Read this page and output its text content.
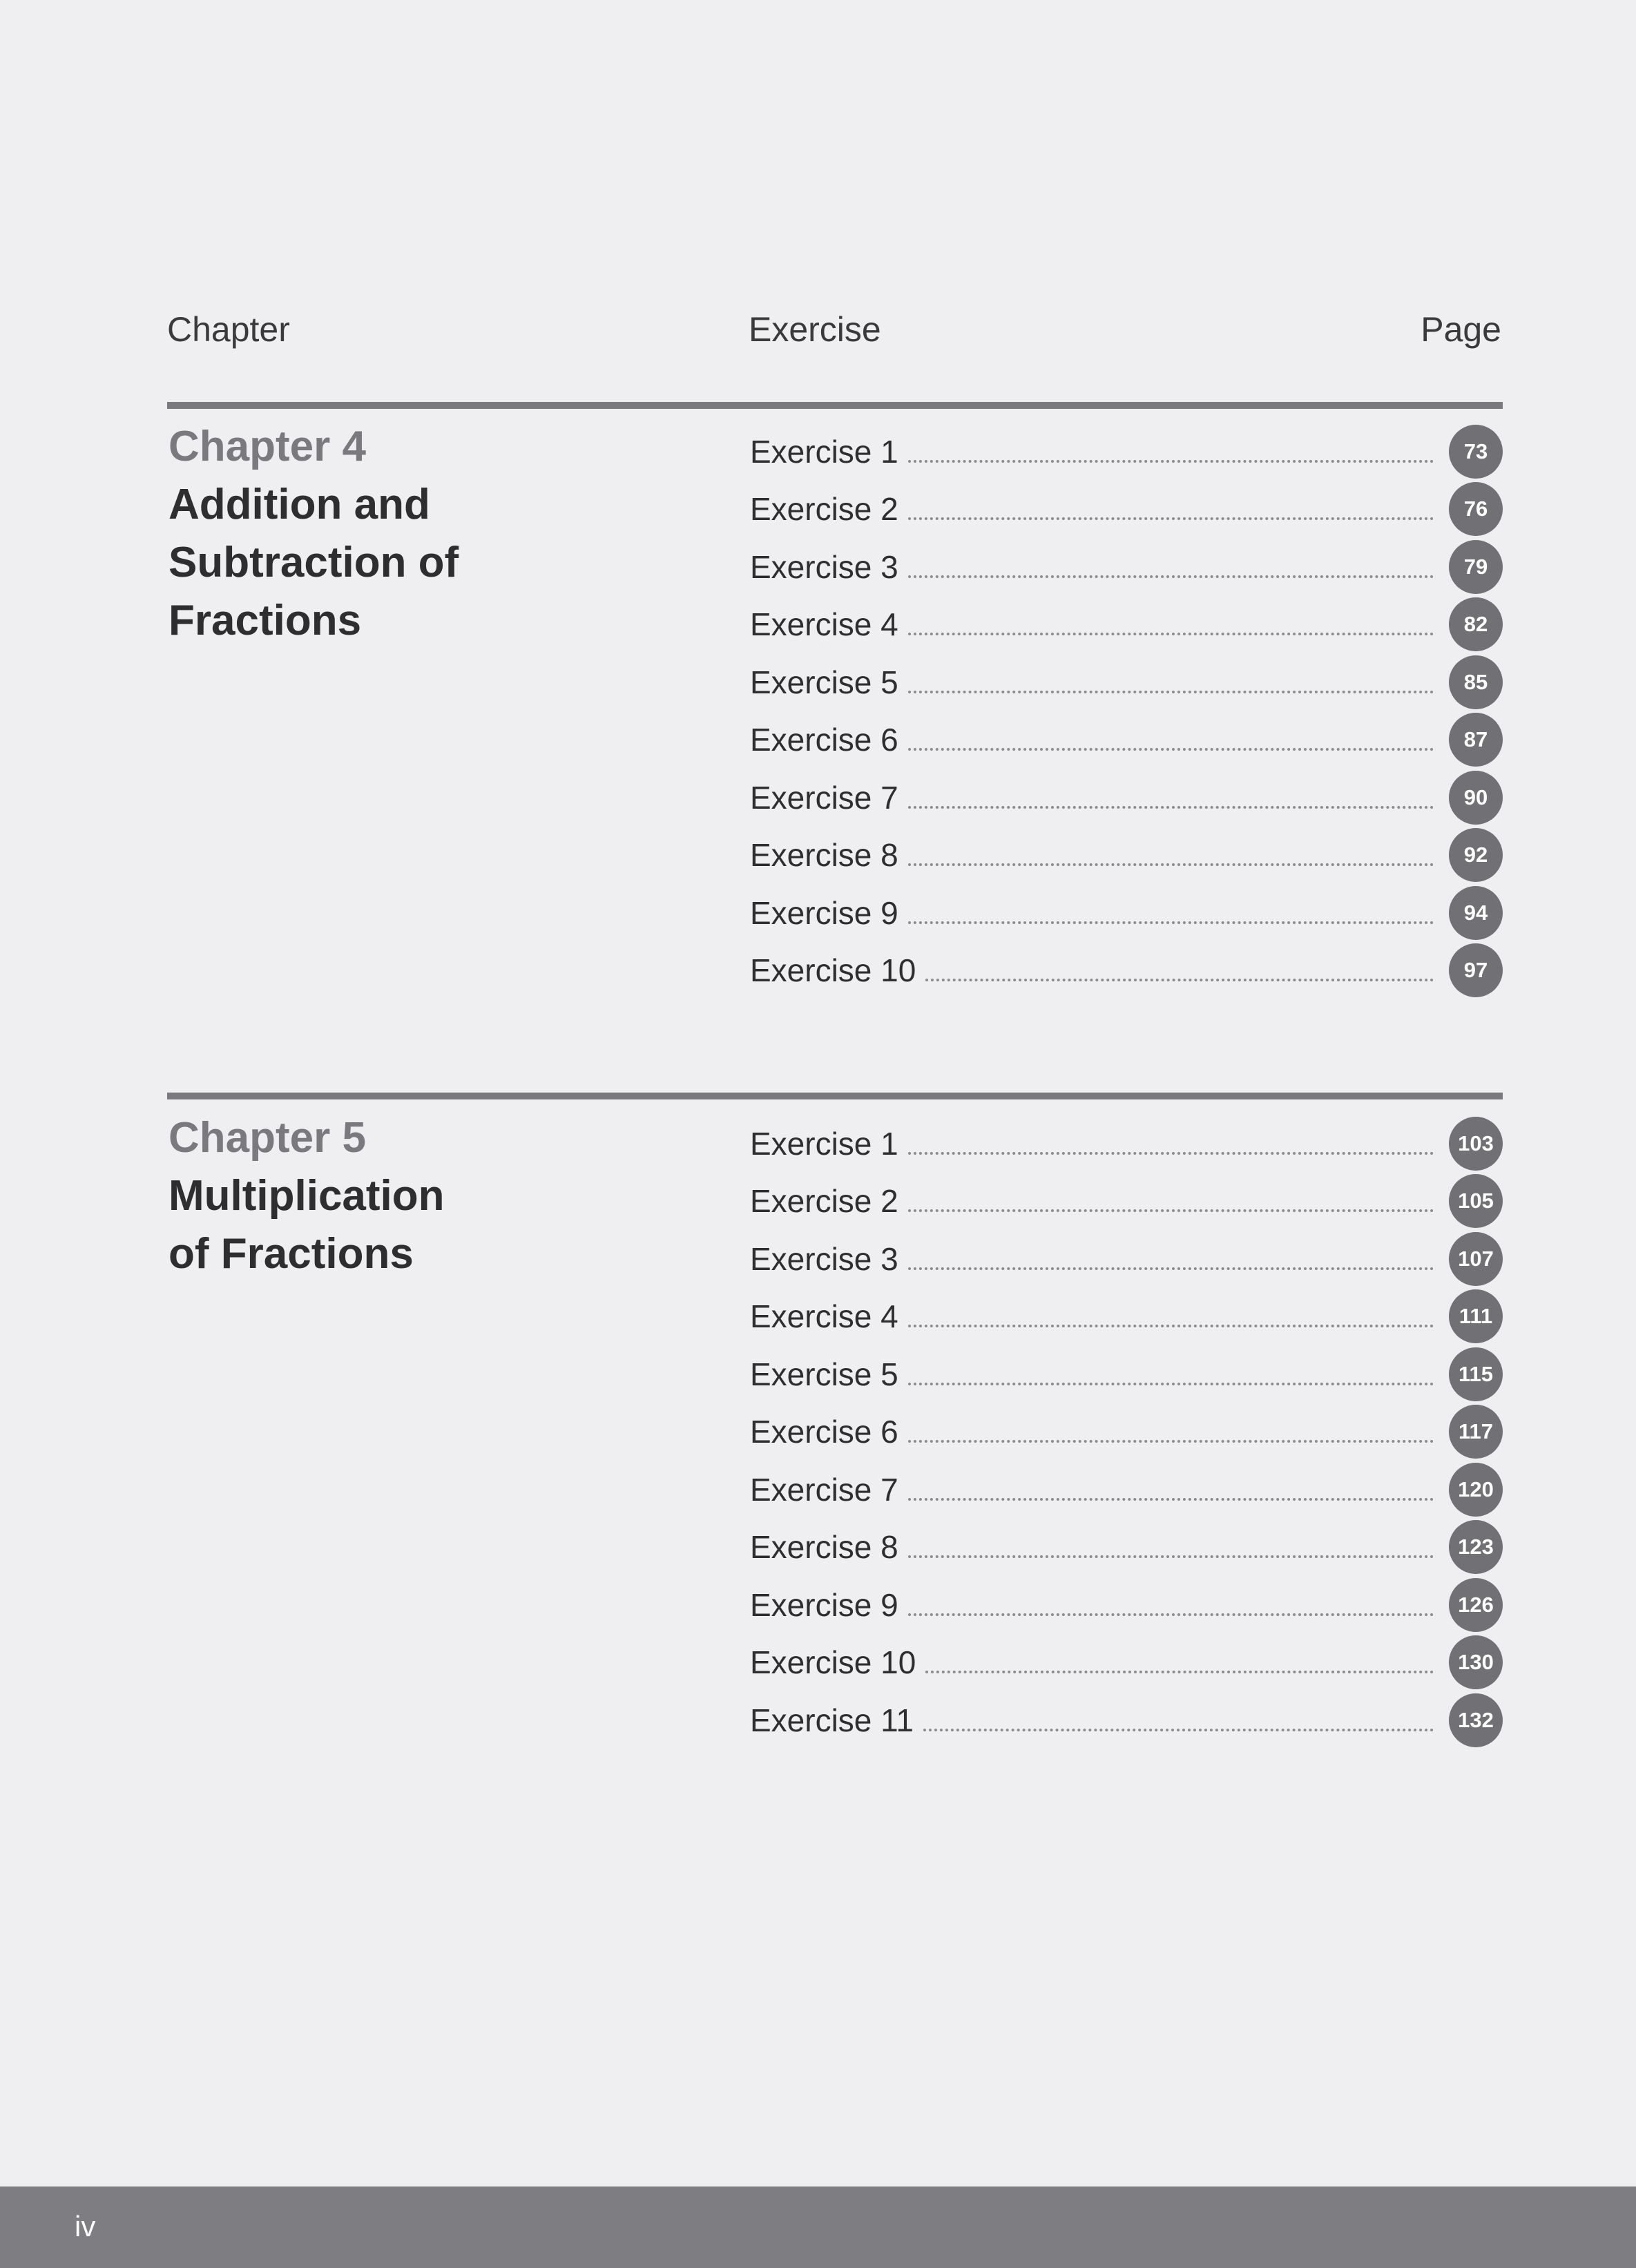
Chapter	Exercise	Page
Chapter 4
Addition and
Subtraction of
Fractions
Exercise 1	73
Exercise 2	76
Exercise 3	79
Exercise 4	82
Exercise 5	85
Exercise 6	87
Exercise 7	90
Exercise 8	92
Exercise 9	94
Exercise 10	97
Chapter 5
Multiplication
of Fractions
Exercise 1	103
Exercise 2	105
Exercise 3	107
Exercise 4	111
Exercise 5	115
Exercise 6	117
Exercise 7	120
Exercise 8	123
Exercise 9	126
Exercise 10	130
Exercise 11	132
iv
